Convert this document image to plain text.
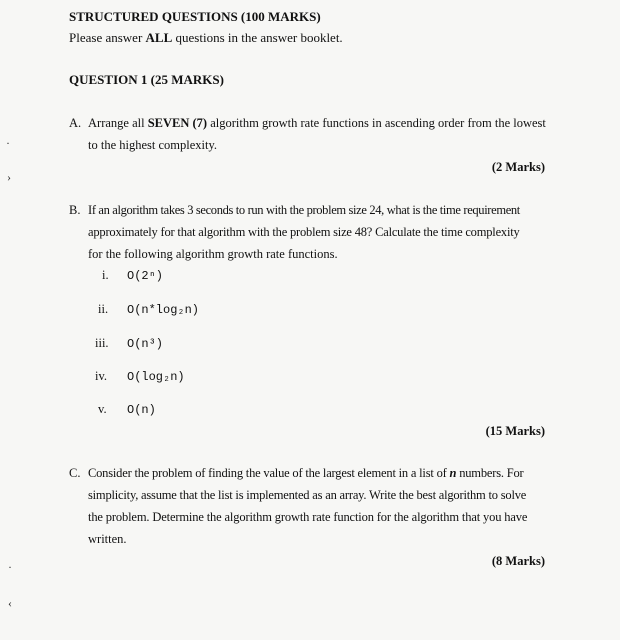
·
›
·
‹
STRUCTURED QUESTIONS (100 MARKS)
Please answer ALL questions in the answer booklet.
QUESTION 1 (25 MARKS)
A. Arrange all SEVEN (7) algorithm growth rate functions in ascending order from the lowest
to the highest complexity.
(2 Marks)
B. If an algorithm takes 3 seconds to run with the problem size 24, what is the time requirement
approximately for that algorithm with the problem size 48? Calculate the time complexity
for the following algorithm growth rate functions.
i. O(2ⁿ)
ii. O(n*log₂n)
iii. O(n³)
iv. O(log₂n)
v. O(n)
(15 Marks)
C. Consider the problem of finding the value of the largest element in a list of n numbers. For
simplicity, assume that the list is implemented as an array. Write the best algorithm to solve
the problem. Determine the algorithm growth rate function for the algorithm that you have
written.
(8 Marks)
